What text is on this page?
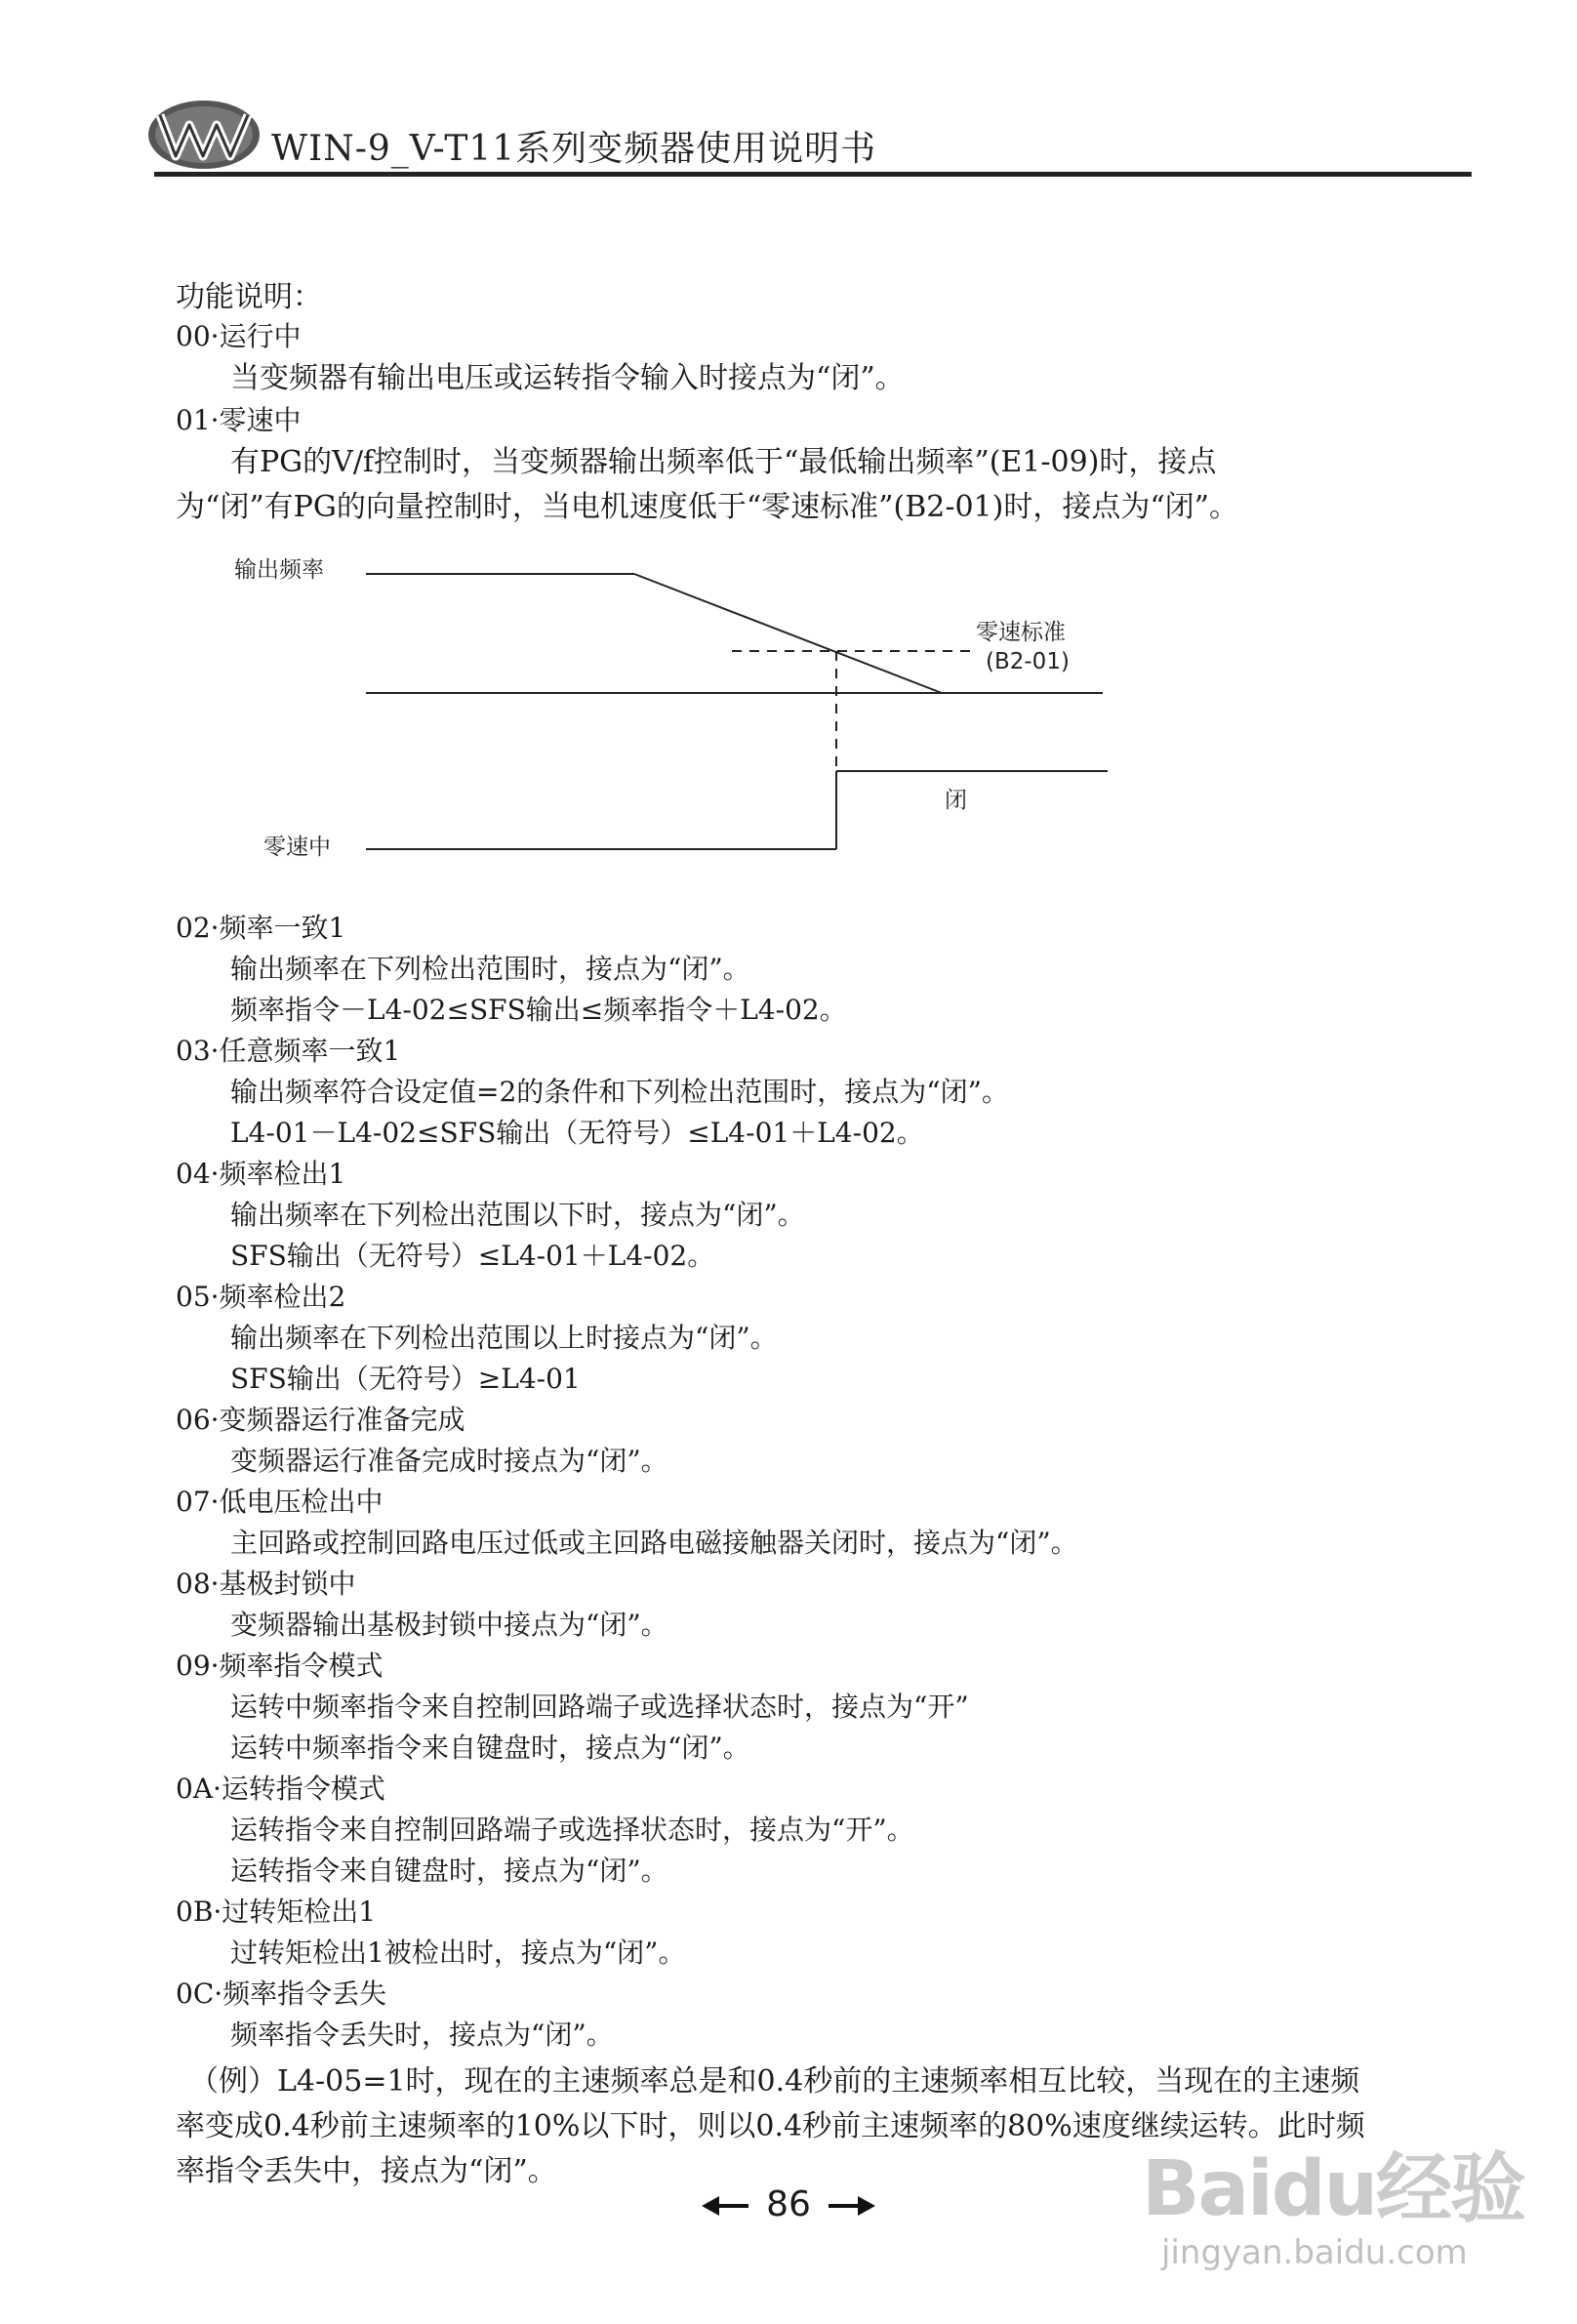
WIN-9_V-T11系列变频器使用说明书
功能说明：
00·运行中
当变频器有输出电压或运转指令输入时接点为“闭”。
01·零速中
有PG的V/f控制时，当变频器输出频率低于“最低输出频率”(E1-09)时，接点
为“闭”有PG的向量控制时，当电机速度低于“零速标准”(B2-01)时，接点为“闭”。
输出频率
零速标准
(B2-01)
闭
零速中
02·频率一致1
输出频率在下列检出范围时，接点为“闭”。
频率指令－L4-02≤SFS输出≤频率指令＋L4-02。
03·任意频率一致1
输出频率符合设定值=2的条件和下列检出范围时，接点为“闭”。
L4-01－L4-02≤SFS输出（无符号）≤L4-01＋L4-02。
04·频率检出1
输出频率在下列检出范围以下时，接点为“闭”。
SFS输出（无符号）≤L4-01＋L4-02。
05·频率检出2
输出频率在下列检出范围以上时接点为“闭”。
SFS输出（无符号）≥L4-01
06·变频器运行准备完成
变频器运行准备完成时接点为“闭”。
07·低电压检出中
主回路或控制回路电压过低或主回路电磁接触器关闭时，接点为“闭”。
08·基极封锁中
变频器输出基极封锁中接点为“闭”。
09·频率指令模式
运转中频率指令来自控制回路端子或选择状态时，接点为“开”
运转中频率指令来自键盘时，接点为“闭”。
0A·运转指令模式
运转指令来自控制回路端子或选择状态时，接点为“开”。
运转指令来自键盘时，接点为“闭”。
0B·过转矩检出1
过转矩检出1被检出时，接点为“闭”。
0C·频率指令丢失
频率指令丢失时，接点为“闭”。
（例）L4-05=1时，现在的主速频率总是和0.4秒前的主速频率相互比较，当现在的主速频
率变成0.4秒前主速频率的10%以下时，则以0.4秒前主速频率的80%速度继续运转。此时频
率指令丢失中，接点为“闭”。
86	Baidu经验
jingyan.baidu.com
